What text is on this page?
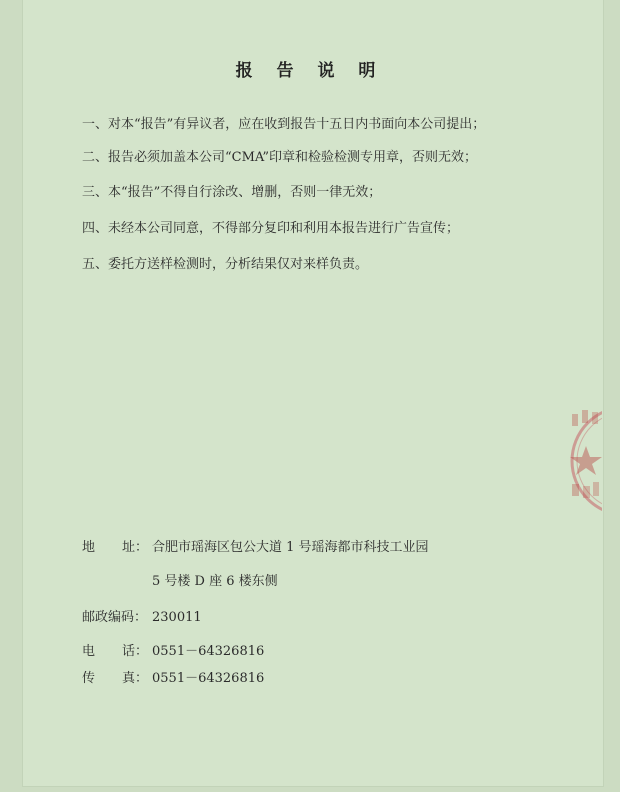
报 告 说 明
一、对本“报告”有异议者，应在收到报告十五日内书面向本公司提出；
二、报告必须加盖本公司“CMA”印章和检验检测专用章，否则无效；
三、本“报告”不得自行涂改、增删，否则一律无效；
四、未经本公司同意，不得部分复印和利用本报告进行广告宣传；
五、委托方送样检测时，分析结果仅对来样负责。
地 址： 合肥市瑶海区包公大道 1 号瑶海都市科技工业园
5 号楼 D 座 6 楼东侧
邮政编码： 230011
电 话： 0551－64326816
传 真： 0551－64326816
